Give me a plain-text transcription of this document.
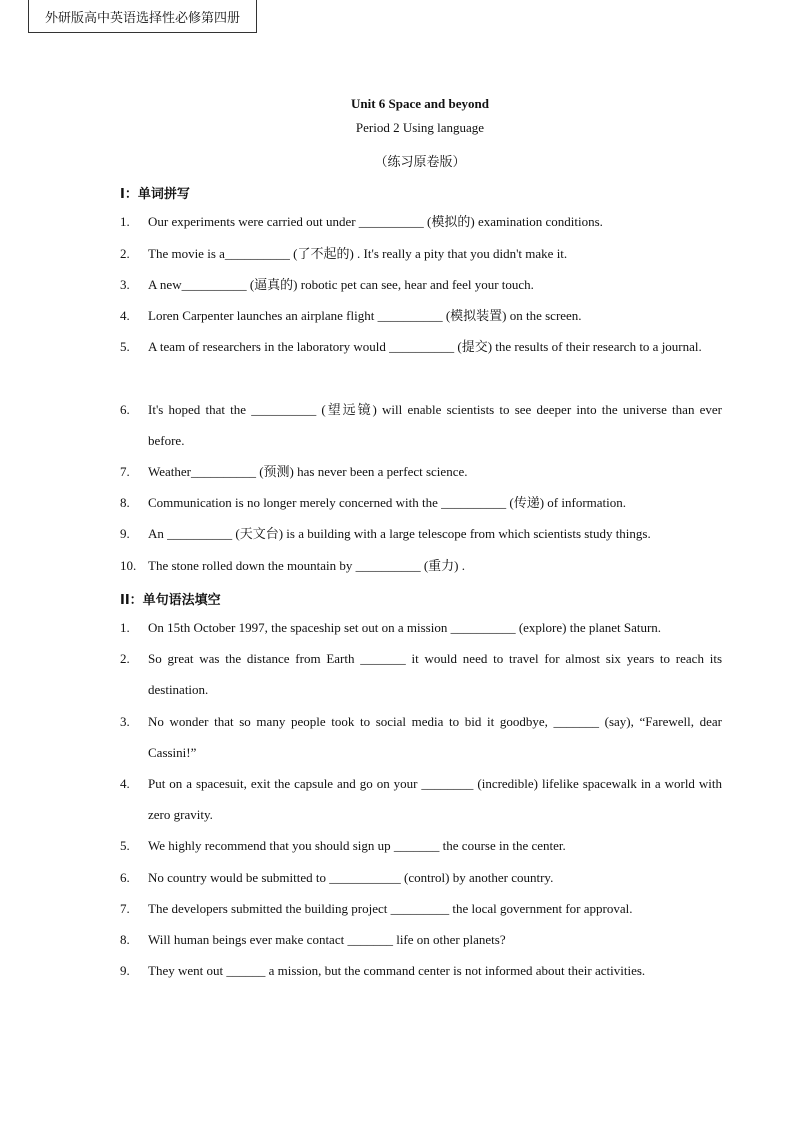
外研版高中英语选择性必修第四册
Unit 6 Space and beyond
Period 2 Using language
（练习原卷版）
I：单词拼写
1. Our experiments were carried out under __________ (模拟的) examination conditions.
2. The movie is a__________ (了不起的) . It's really a pity that you didn't make it.
3. A new__________ (逼真的) robotic pet can see, hear and feel your touch.
4. Loren Carpenter launches an airplane flight __________ (模拟装置) on the screen.
5. A team of researchers in the laboratory would __________ (提交) the results of their research to a journal.
6. It's hoped that the __________ (望远镜) will enable scientists to see deeper into the universe than ever before.
7. Weather__________ (预测) has never been a perfect science.
8. Communication is no longer merely concerned with the __________ (传递) of information.
9. An __________ (天文台) is a building with a large telescope from which scientists study things.
10. The stone rolled down the mountain by __________ (重力) .
II：单句语法填空
1. On 15th October 1997, the spaceship set out on a mission __________ (explore) the planet Saturn.
2. So great was the distance from Earth _______ it would need to travel for almost six years to reach its destination.
3. No wonder that so many people took to social media to bid it goodbye, _______ (say), “Farewell, dear Cassini!”
4. Put on a spacesuit, exit the capsule and go on your ________ (incredible) lifelike spacewalk in a world with zero gravity.
5. We highly recommend that you should sign up _______ the course in the center.
6. No country would be submitted to ___________ (control) by another country.
7. The developers submitted the building project _________ the local government for approval.
8. Will human beings ever make contact _______ life on other planets?
9. They went out ______ a mission, but the command center is not informed about their activities.
